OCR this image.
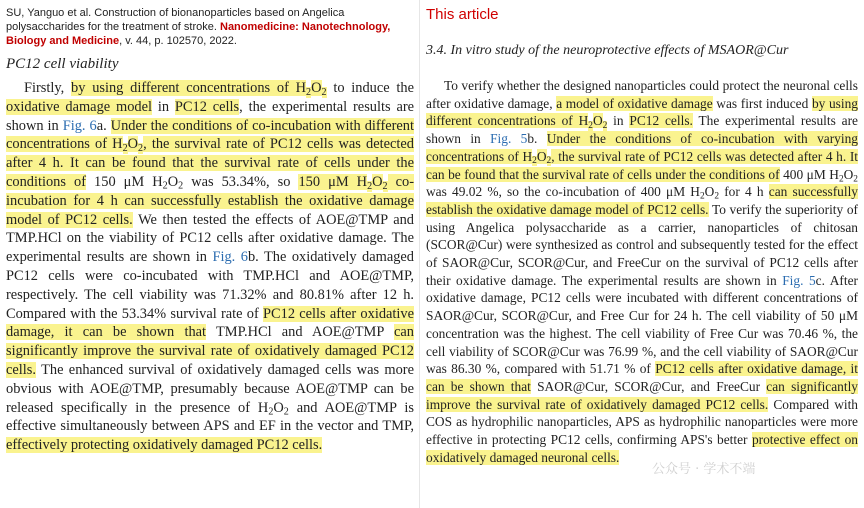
SU, Yanguo et al. Construction of bionanoparticles based on Angelica polysaccharides for the treatment of stroke. Nanomedicine: Nanotechnology, Biology and Medicine, v. 44, p. 102570, 2022.
PC12 cell viability
Firstly, by using different concentrations of $H_2O_2$ to induce the oxidative damage model in PC12 cells, the experimental results are shown in Fig. 6a. Under the conditions of co-incubation with different concentrations of $H_2O_2$, the survival rate of PC12 cells was detected after 4 h. It can be found that the survival rate of cells under the conditions of 150 μM $H_2O_2$ was 53.34%, so 150 μM $H_2O_2$ co-incubation for 4 h can successfully establish the oxidative damage model of PC12 cells. We then tested the effects of AOE@TMP and TMP.HCl on the viability of PC12 cells after oxidative damage. The experimental results are shown in Fig. 6b. The oxidatively damaged PC12 cells were co-incubated with TMP.HCl and AOE@TMP, respectively. The cell viability was 71.32% and 80.81% after 12 h. Compared with the 53.34% survival rate of PC12 cells after oxidative damage, it can be shown that TMP.HCl and AOE@TMP can significantly improve the survival rate of oxidatively damaged PC12 cells. The enhanced survival of oxidatively damaged cells was more obvious with AOE@TMP, presumably because AOE@TMP can be released specifically in the presence of $H_2O_2$ and AOE@TMP is effective simultaneously between APS and EF in the vector and TMP, effectively protecting oxidatively damaged PC12 cells.
This article
3.4. In vitro study of the neuroprotective effects of MSAOR@Cur
To verify whether the designed nanoparticles could protect the neuronal cells after oxidative damage, a model of oxidative damage was first induced by using different concentrations of $H_2O_2$ in PC12 cells. The experimental results are shown in Fig. 5b. Under the conditions of co-incubation with varying concentrations of $H_2O_2$, the survival rate of PC12 cells was detected after 4 h. It can be found that the survival rate of cells under the conditions of 400 μM $H_2O_2$ was 49.02 %, so the co-incubation of 400 μM $H_2O_2$ for 4 h can successfully establish the oxidative damage model of PC12 cells. To verify the superiority of using Angelica polysaccharide as a carrier, nanoparticles of chitosan (SCOR@Cur) were synthesized as control and subsequently tested for the effect of SAOR@Cur, SCOR@Cur, and FreeCur on the survival of PC12 cells after their oxidative damage. The experimental results are shown in Fig. 5c. After oxidative damage, PC12 cells were incubated with different concentrations of SAOR@Cur, SCOR@Cur, and Free Cur for 24 h. The cell viability of 50 μM concentration was the highest. The cell viability of Free Cur was 70.46 %, the cell viability of SCOR@Cur was 76.99 %, and the cell viability of SAOR@Cur was 86.30 %, compared with 51.71 % of PC12 cells after oxidative damage, it can be shown that SAOR@Cur, SCOR@Cur, and FreeCur can significantly improve the survival rate of oxidatively damaged PC12 cells. Compared with COS as hydrophilic nanoparticles, APS as hydrophilic nanoparticles were more effective in protecting PC12 cells, confirming APS's better protective effect on oxidatively damaged neuronal cells.
公众号 · 学术不端
